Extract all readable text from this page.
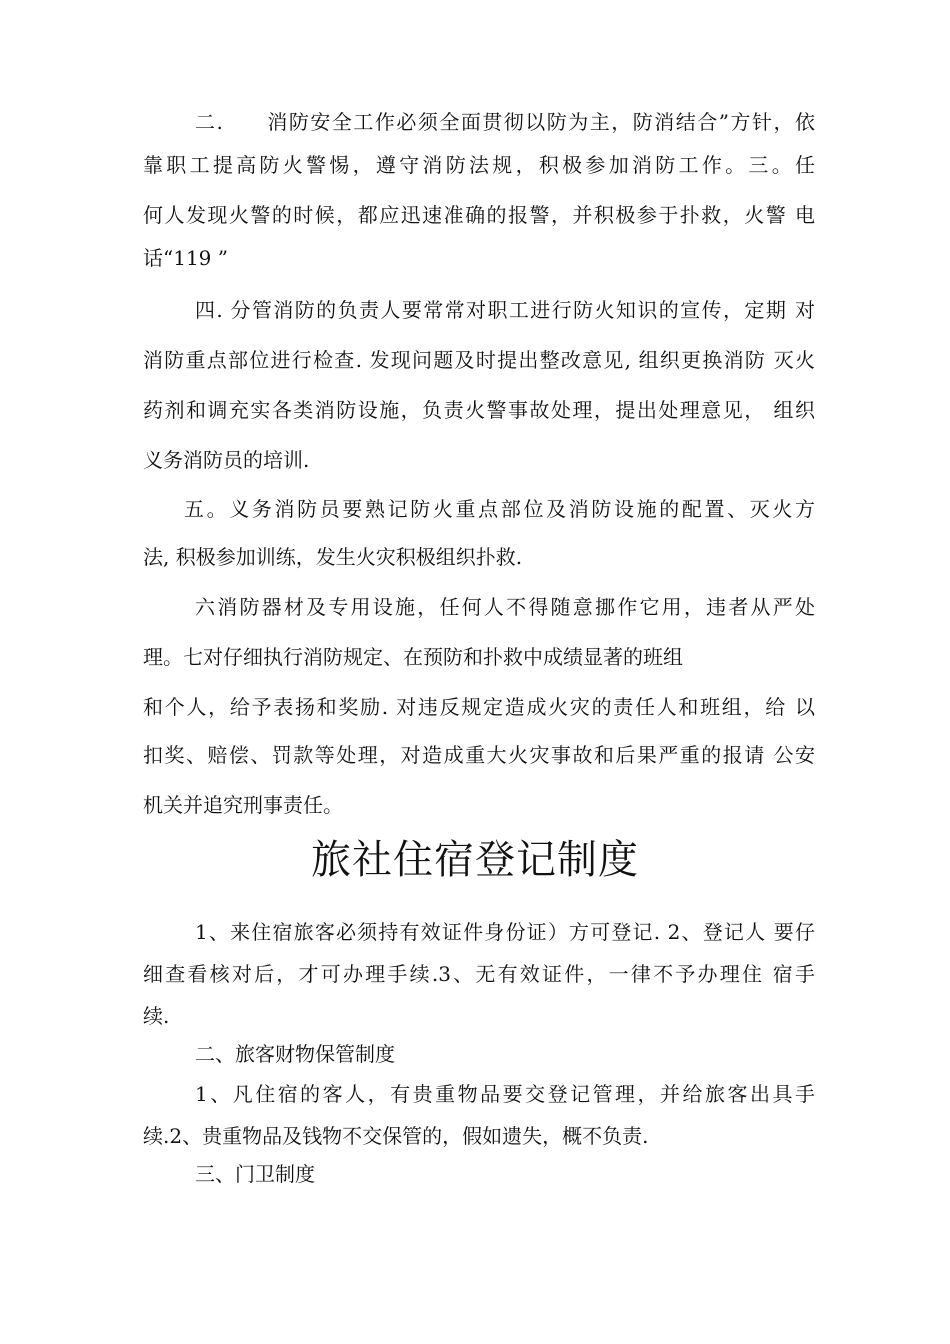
二.　　消防安全工作必须全面贯彻以防为主，防消结合”方针，依
靠职工提高防火警惕，遵守消防法规，积极参加消防工作。三。任
何人发现火警的时候，都应迅速准确的报警，并积极参于扑救，火警 电
话“119 ”
四. 分管消防的负责人要常常对职工进行防火知识的宣传，定期 对
消防重点部位进行检查. 发现问题及时提出整改意见, 组织更换消防 灭火
药剂和调充实各类消防设施，负责火警事故处理，提出处理意见， 组织
义务消防员的培训.
五。义务消防员要熟记防火重点部位及消防设施的配置、灭火方
法, 积极参加训练，发生火灾积极组织扑救.
六消防器材及专用设施，任何人不得随意挪作它用，违者从严处
理。七对仔细执行消防规定、在预防和扑救中成绩显著的班组
和个人，给予表扬和奖励. 对违反规定造成火灾的责任人和班组，给 以
扣奖、赔偿、罚款等处理，对造成重大火灾事故和后果严重的报请 公安
机关并追究刑事责任。
旅社住宿登记制度
1、来住宿旅客必须持有效证件身份证）方可登记. 2、登记人 要仔
细查看核对后，才可办理手续.3、无有效证件，一律不予办理住 宿手
续.
二、旅客财物保管制度
1、凡住宿的客人，有贵重物品要交登记管理，并给旅客出具手
续.2、贵重物品及钱物不交保管的，假如遗失，概不负责.
三、门卫制度
